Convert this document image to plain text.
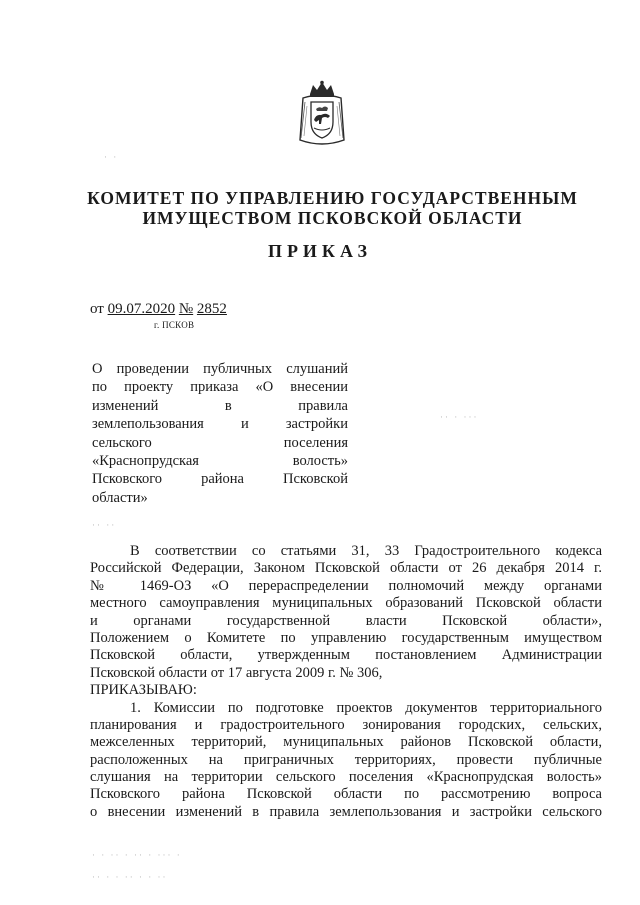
КОМИТЕТ ПО УПРАВЛЕНИЮ ГОСУДАРСТВЕННЫМ
ИМУЩЕСТВОМ ПСКОВСКОЙ ОБЛАСТИ
ПРИКАЗ
от 09.07.2020 № 2852
г. ПСКОВ
О проведении публичных слушаний
по проекту приказа «О внесении
изменений в правила
землепользования и застройки
сельского поселения
«Краснопрудская волость»
Псковского района Псковской
области»
В соответствии со статьями 31, 33 Градостроительного кодекса
Российской Федерации, Законом Псковской области от 26 декабря 2014 г.
№ 1469-ОЗ «О перераспределении полномочий между органами
местного самоуправления муниципальных образований Псковской области
и органами государственной власти Псковской области»,
Положением о Комитете по управлению государственным имуществом
Псковской области, утвержденным постановлением Администрации
Псковской области от 17 августа 2009 г. № 306,
ПРИКАЗЫВАЮ:
1. Комиссии по подготовке проектов документов территориального
планирования и градостроительного зонирования городских, сельских,
межселенных территорий, муниципальных районов Псковской области,
расположенных на приграничных территориях, провести публичные
слушания на территории сельского поселения «Краснопрудская волость»
Псковского района Псковской области по рассмотрению вопроса
о внесении изменений в правила землепользования и застройки сельского
· ·
·· · ···
·· ··
· · ·· · ·· · ··· ·
·· · · ·· · · ··
